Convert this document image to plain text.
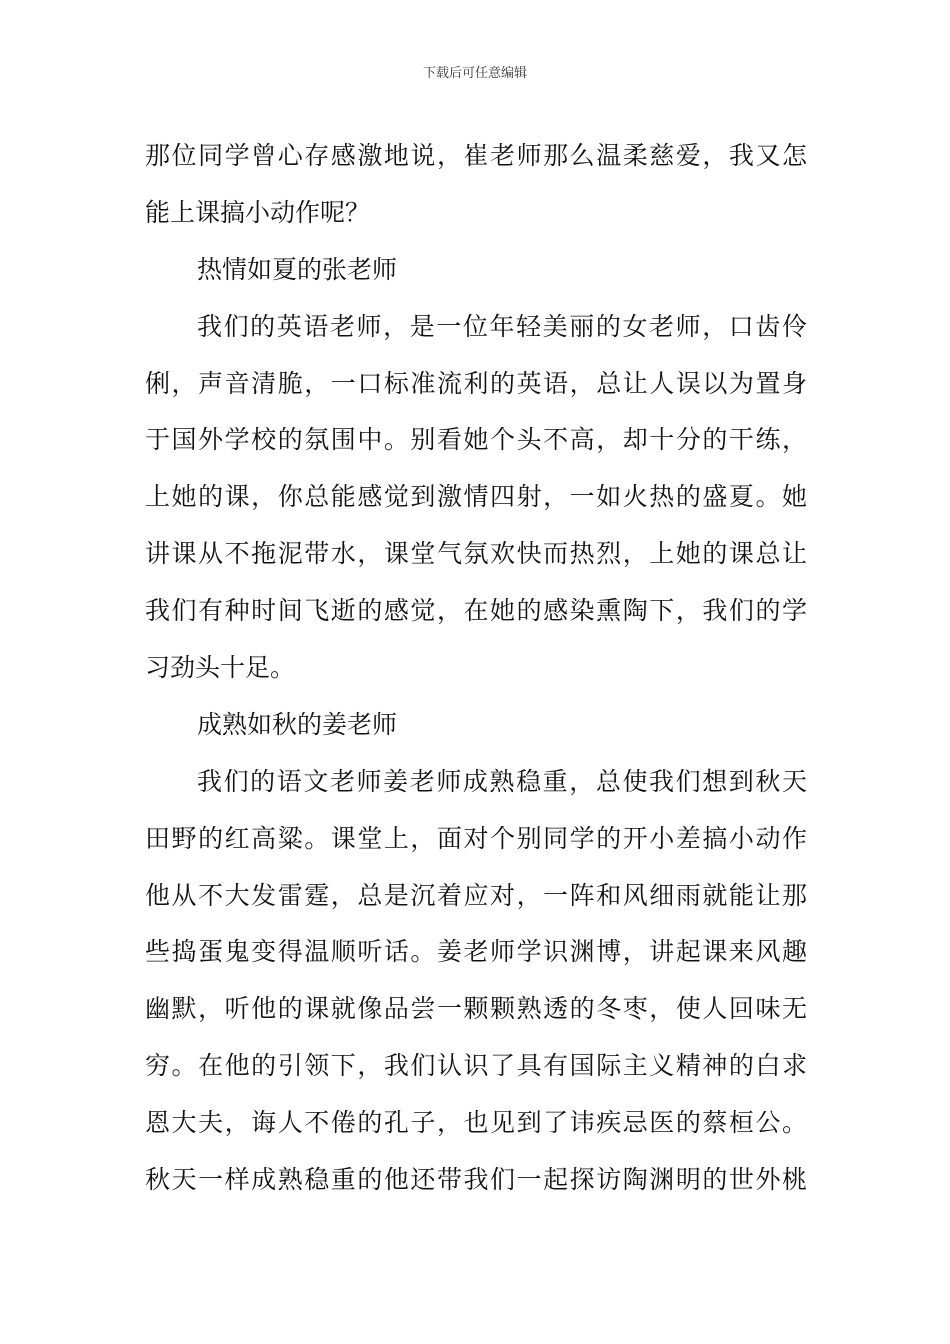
下载后可任意编辑
那位同学曾心存感激地说，崔老师那么温柔慈爱，我又怎
能上课搞小动作呢？
热情如夏的张老师
我们的英语老师，是一位年轻美丽的女老师，口齿伶
俐，声音清脆，一口标准流利的英语，总让人误以为置身
于国外学校的氛围中。别看她个头不高，却十分的干练，
上她的课，你总能感觉到激情四射，一如火热的盛夏。她
讲课从不拖泥带水，课堂气氛欢快而热烈，上她的课总让
我们有种时间飞逝的感觉，在她的感染熏陶下，我们的学
习劲头十足。
成熟如秋的姜老师
我们的语文老师姜老师成熟稳重，总使我们想到秋天
田野的红高粱。课堂上，面对个别同学的开小差搞小动作
他从不大发雷霆，总是沉着应对，一阵和风细雨就能让那
些捣蛋鬼变得温顺听话。姜老师学识渊博，讲起课来风趣
幽默，听他的课就像品尝一颗颗熟透的冬枣，使人回味无
穷。在他的引领下，我们认识了具有国际主义精神的白求
恩大夫，诲人不倦的孔子，也见到了讳疾忌医的蔡桓公。
秋天一样成熟稳重的他还带我们一起探访陶渊明的世外桃
